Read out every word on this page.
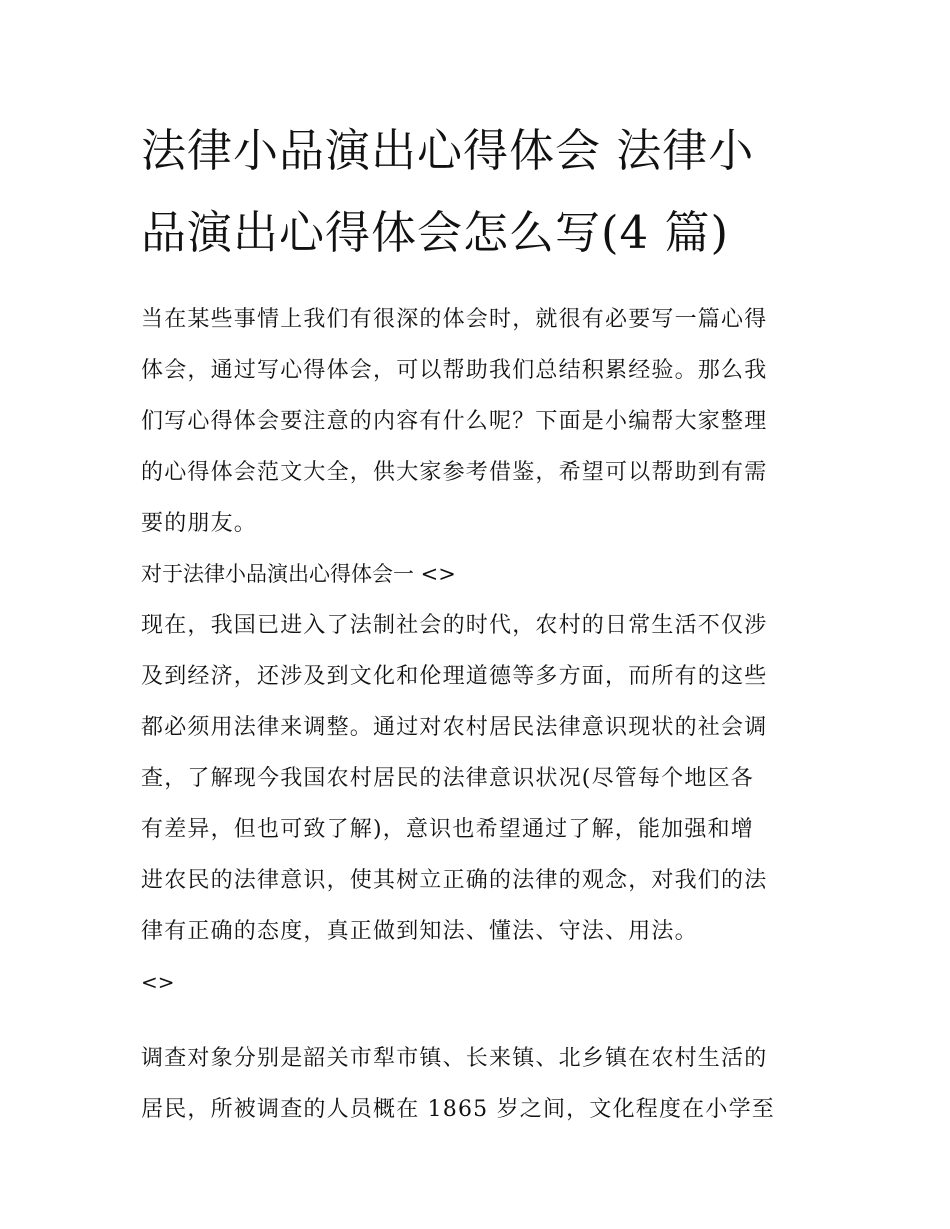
法律小品演出心得体会 法律小
品演出心得体会怎么写(4 篇)

当在某些事情上我们有很深的体会时，就很有必要写一篇心得
体会，通过写心得体会，可以帮助我们总结积累经验。那么我
们写心得体会要注意的内容有什么呢？下面是小编帮大家整理
的心得体会范文大全，供大家参考借鉴，希望可以帮助到有需
要的朋友。

对于法律小品演出心得体会一 <>

现在，我国已进入了法制社会的时代，农村的日常生活不仅涉
及到经济，还涉及到文化和伦理道德等多方面，而所有的这些
都必须用法律来调整。通过对农村居民法律意识现状的社会调
查，了解现今我国农村居民的法律意识状况(尽管每个地区各
有差异，但也可致了解)，意识也希望通过了解，能加强和增
进农民的法律意识，使其树立正确的法律的观念，对我们的法
律有正确的态度，真正做到知法、懂法、守法、用法。

<>

调查对象分别是韶关市犁市镇、长来镇、北乡镇在农村生活的
居民，所被调查的人员概在 1865 岁之间，文化程度在小学至
